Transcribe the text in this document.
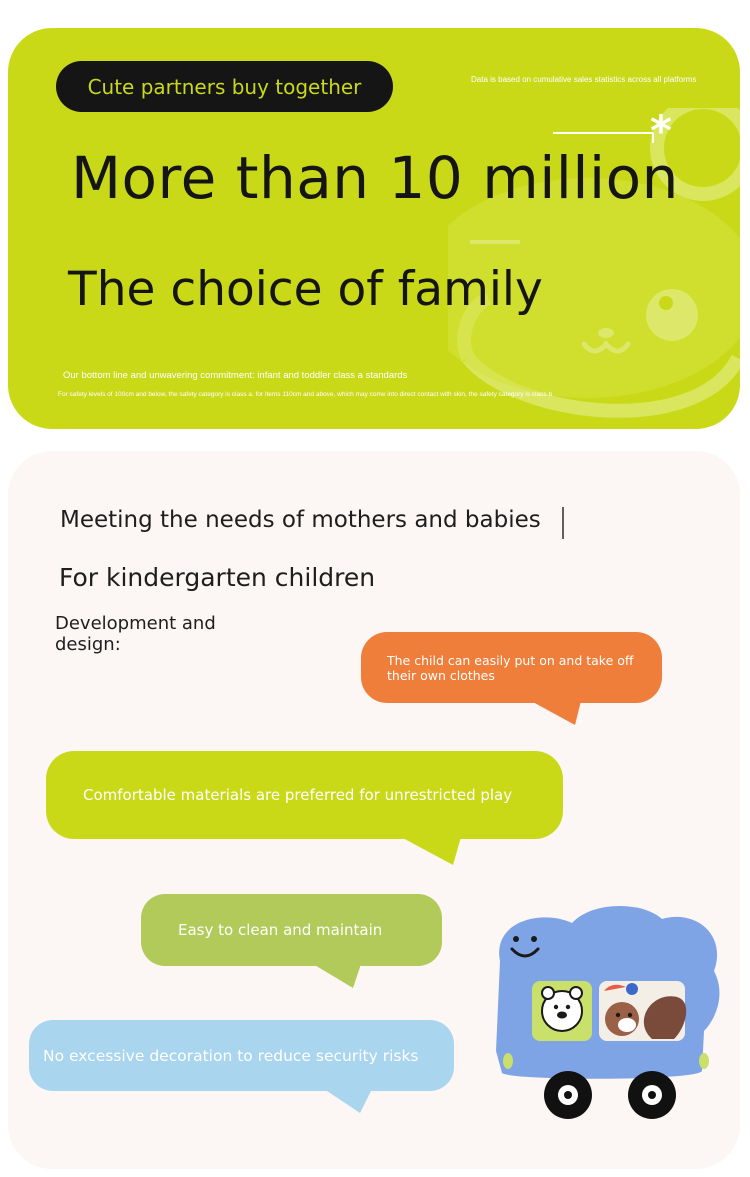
Cute partners buy together	Data is based on cumulative sales statistics across all platforms
*
More than 10 million
The choice of family

Our bottom line and unwavering commitment: infant and toddler class a standards

For safety levels of 100cm and below, the safety category is class a. for items 110cm and above, which may come into direct contact with skin, the safety category is class b

Meeting the needs of mothers and babies
For kindergarten children

Development and design:

The child can easily put on and take off their own clothes
Comfortable materials are preferred for unrestricted play
Easy to clean and maintain
No excessive decoration to reduce security risks
